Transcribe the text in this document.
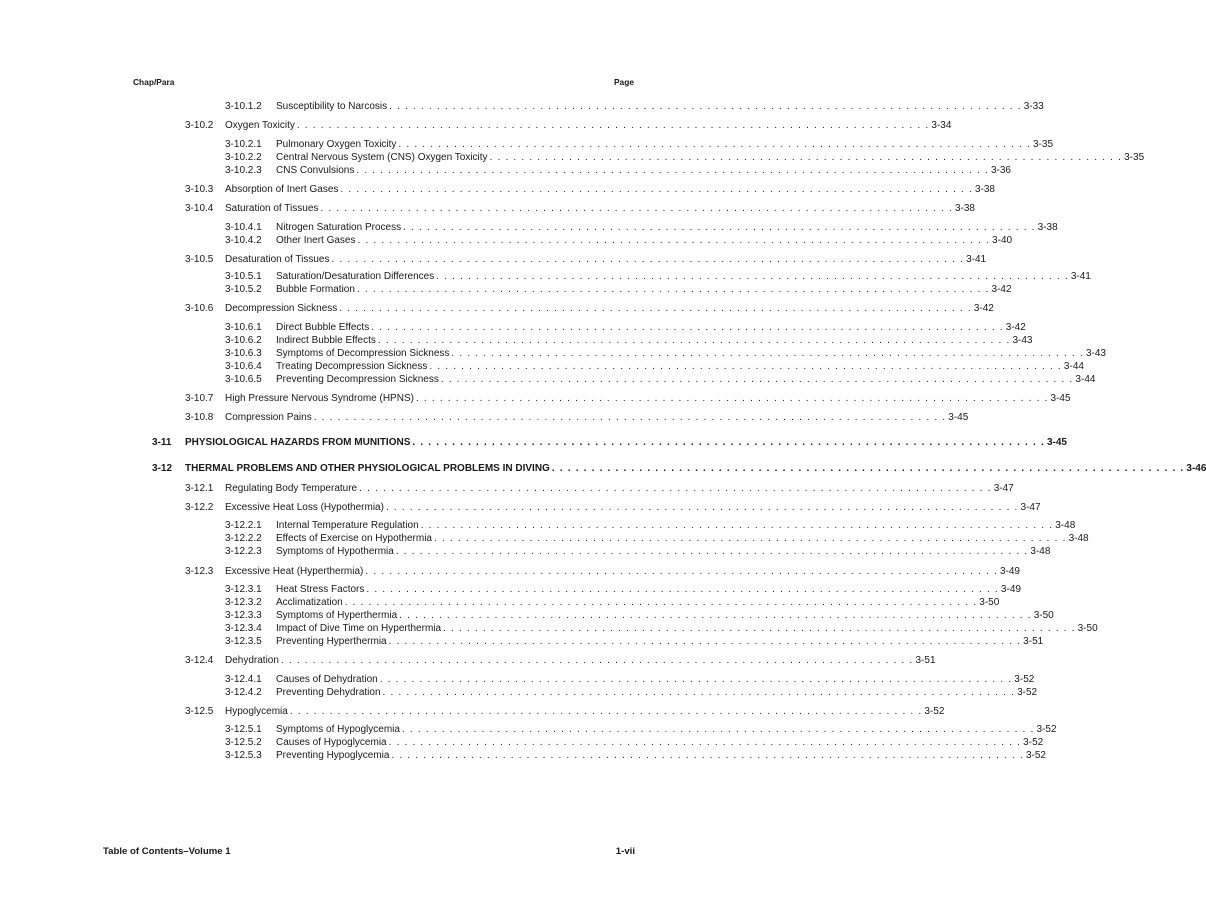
Chap/Para	Page
3-10.1.2 Susceptibility to Narcosis . . . . . . . . . . . . . . . . . . . . . . . . . . . . . . . . . . . . . . . . . . . . . . . . . . . . . . . . . . . . . . . . . . . . . . . . . . . . . . . . 3-33
3-10.2 Oxygen Toxicity . . . . . . . . . . . . . . . . . . . . . . . . . . . . . . . . . . . . . . . . . . . . . . . . . . . . . . . . . . . . . . . . . . . . . . . . . . . . . . . . 3-34
3-10.2.1 Pulmonary Oxygen Toxicity . . . . . . . . . . . . . . . . . . . . . . . . . . . . . . . . . . . . . . . . . . . . . . . . . . . . . . . . . . . . . . . . . . . . . . . . . . . . . . . . 3-35
3-10.2.2 Central Nervous System (CNS) Oxygen Toxicity . . . . . . . . . . . . . . . . . . . . . . . . . . . . . . . . . . . . . . . . . . . . . . . . . . . . . . . . . . . . . . . . . . . . . . . . . . . . . . . . 3-35
3-10.2.3 CNS Convulsions . . . . . . . . . . . . . . . . . . . . . . . . . . . . . . . . . . . . . . . . . . . . . . . . . . . . . . . . . . . . . . . . . . . . . . . . . . . . . . . . 3-36
3-10.3 Absorption of Inert Gases . . . . . . . . . . . . . . . . . . . . . . . . . . . . . . . . . . . . . . . . . . . . . . . . . . . . . . . . . . . . . . . . . . . . . . . . . . . . . . . . 3-38
3-10.4 Saturation of Tissues . . . . . . . . . . . . . . . . . . . . . . . . . . . . . . . . . . . . . . . . . . . . . . . . . . . . . . . . . . . . . . . . . . . . . . . . . . . . . . . . 3-38
3-10.4.1 Nitrogen Saturation Process . . . . . . . . . . . . . . . . . . . . . . . . . . . . . . . . . . . . . . . . . . . . . . . . . . . . . . . . . . . . . . . . . . . . . . . . . . . . . . . . 3-38
3-10.4.2 Other Inert Gases . . . . . . . . . . . . . . . . . . . . . . . . . . . . . . . . . . . . . . . . . . . . . . . . . . . . . . . . . . . . . . . . . . . . . . . . . . . . . . . . 3-40
3-10.5 Desaturation of Tissues . . . . . . . . . . . . . . . . . . . . . . . . . . . . . . . . . . . . . . . . . . . . . . . . . . . . . . . . . . . . . . . . . . . . . . . . . . . . . . . . 3-41
3-10.5.1 Saturation/Desaturation Differences . . . . . . . . . . . . . . . . . . . . . . . . . . . . . . . . . . . . . . . . . . . . . . . . . . . . . . . . . . . . . . . . . . . . . . . . . . . . . . . . 3-41
3-10.5.2 Bubble Formation . . . . . . . . . . . . . . . . . . . . . . . . . . . . . . . . . . . . . . . . . . . . . . . . . . . . . . . . . . . . . . . . . . . . . . . . . . . . . . . . 3-42
3-10.6 Decompression Sickness . . . . . . . . . . . . . . . . . . . . . . . . . . . . . . . . . . . . . . . . . . . . . . . . . . . . . . . . . . . . . . . . . . . . . . . . . . . . . . . . 3-42
3-10.6.1 Direct Bubble Effects . . . . . . . . . . . . . . . . . . . . . . . . . . . . . . . . . . . . . . . . . . . . . . . . . . . . . . . . . . . . . . . . . . . . . . . . . . . . . . . . 3-42
3-10.6.2 Indirect Bubble Effects . . . . . . . . . . . . . . . . . . . . . . . . . . . . . . . . . . . . . . . . . . . . . . . . . . . . . . . . . . . . . . . . . . . . . . . . . . . . . . . . 3-43
3-10.6.3 Symptoms of Decompression Sickness . . . . . . . . . . . . . . . . . . . . . . . . . . . . . . . . . . . . . . . . . . . . . . . . . . . . . . . . . . . . . . . . . . . . . . . . . . . . . . . . 3-43
3-10.6.4 Treating Decompression Sickness . . . . . . . . . . . . . . . . . . . . . . . . . . . . . . . . . . . . . . . . . . . . . . . . . . . . . . . . . . . . . . . . . . . . . . . . . . . . . . . . 3-44
3-10.6.5 Preventing Decompression Sickness . . . . . . . . . . . . . . . . . . . . . . . . . . . . . . . . . . . . . . . . . . . . . . . . . . . . . . . . . . . . . . . . . . . . . . . . . . . . . . . . 3-44
3-10.7 High Pressure Nervous Syndrome (HPNS) . . . . . . . . . . . . . . . . . . . . . . . . . . . . . . . . . . . . . . . . . . . . . . . . . . . . . . . . . . . . . . . . . . . . . . . . . . . . . . . . 3-45
3-10.8 Compression Pains . . . . . . . . . . . . . . . . . . . . . . . . . . . . . . . . . . . . . . . . . . . . . . . . . . . . . . . . . . . . . . . . . . . . . . . . . . . . . . . . 3-45
3-11 PHYSIOLOGICAL HAZARDS FROM MUNITIONS . . . . . . . . . . . . . . . . . . . . . . . . . . . . . . . . . . . . . . . . . . . . . . . . . . . . . . . . . . . . . . . . . . . . . . . . . . . . . . . . 3-45
3-12 THERMAL PROBLEMS AND OTHER PHYSIOLOGICAL PROBLEMS IN DIVING . . . . . . . . . . . . . . . . . . . . . . . . . . . . . . . . . . . . . . . . . . . . . . . . . . . . . . . . . . . . . . . . . . . . . . . . . . . . . . . . 3-46
3-12.1 Regulating Body Temperature . . . . . . . . . . . . . . . . . . . . . . . . . . . . . . . . . . . . . . . . . . . . . . . . . . . . . . . . . . . . . . . . . . . . . . . . . . . . . . . . 3-47
3-12.2 Excessive Heat Loss (Hypothermia) . . . . . . . . . . . . . . . . . . . . . . . . . . . . . . . . . . . . . . . . . . . . . . . . . . . . . . . . . . . . . . . . . . . . . . . . . . . . . . . . 3-47
3-12.2.1 Internal Temperature Regulation . . . . . . . . . . . . . . . . . . . . . . . . . . . . . . . . . . . . . . . . . . . . . . . . . . . . . . . . . . . . . . . . . . . . . . . . . . . . . . . . 3-48
3-12.2.2 Effects of Exercise on Hypothermia . . . . . . . . . . . . . . . . . . . . . . . . . . . . . . . . . . . . . . . . . . . . . . . . . . . . . . . . . . . . . . . . . . . . . . . . . . . . . . . . 3-48
3-12.2.3 Symptoms of Hypothermia . . . . . . . . . . . . . . . . . . . . . . . . . . . . . . . . . . . . . . . . . . . . . . . . . . . . . . . . . . . . . . . . . . . . . . . . . . . . . . . . 3-48
3-12.3 Excessive Heat (Hyperthermia) . . . . . . . . . . . . . . . . . . . . . . . . . . . . . . . . . . . . . . . . . . . . . . . . . . . . . . . . . . . . . . . . . . . . . . . . . . . . . . . . 3-49
3-12.3.1 Heat Stress Factors . . . . . . . . . . . . . . . . . . . . . . . . . . . . . . . . . . . . . . . . . . . . . . . . . . . . . . . . . . . . . . . . . . . . . . . . . . . . . . . . 3-49
3-12.3.2 Acclimatization . . . . . . . . . . . . . . . . . . . . . . . . . . . . . . . . . . . . . . . . . . . . . . . . . . . . . . . . . . . . . . . . . . . . . . . . . . . . . . . . 3-50
3-12.3.3 Symptoms of Hyperthermia . . . . . . . . . . . . . . . . . . . . . . . . . . . . . . . . . . . . . . . . . . . . . . . . . . . . . . . . . . . . . . . . . . . . . . . . . . . . . . . . 3-50
3-12.3.4 Impact of Dive Time on Hyperthermia . . . . . . . . . . . . . . . . . . . . . . . . . . . . . . . . . . . . . . . . . . . . . . . . . . . . . . . . . . . . . . . . . . . . . . . . . . . . . . . . 3-50
3-12.3.5 Preventing Hyperthermia . . . . . . . . . . . . . . . . . . . . . . . . . . . . . . . . . . . . . . . . . . . . . . . . . . . . . . . . . . . . . . . . . . . . . . . . . . . . . . . . 3-51
3-12.4 Dehydration . . . . . . . . . . . . . . . . . . . . . . . . . . . . . . . . . . . . . . . . . . . . . . . . . . . . . . . . . . . . . . . . . . . . . . . . . . . . . . . . 3-51
3-12.4.1 Causes of Dehydration . . . . . . . . . . . . . . . . . . . . . . . . . . . . . . . . . . . . . . . . . . . . . . . . . . . . . . . . . . . . . . . . . . . . . . . . . . . . . . . . 3-52
3-12.4.2 Preventing Dehydration . . . . . . . . . . . . . . . . . . . . . . . . . . . . . . . . . . . . . . . . . . . . . . . . . . . . . . . . . . . . . . . . . . . . . . . . . . . . . . . . 3-52
3-12.5 Hypoglycemia . . . . . . . . . . . . . . . . . . . . . . . . . . . . . . . . . . . . . . . . . . . . . . . . . . . . . . . . . . . . . . . . . . . . . . . . . . . . . . . . 3-52
3-12.5.1 Symptoms of Hypoglycemia . . . . . . . . . . . . . . . . . . . . . . . . . . . . . . . . . . . . . . . . . . . . . . . . . . . . . . . . . . . . . . . . . . . . . . . . . . . . . . . . 3-52
3-12.5.2 Causes of Hypoglycemia . . . . . . . . . . . . . . . . . . . . . . . . . . . . . . . . . . . . . . . . . . . . . . . . . . . . . . . . . . . . . . . . . . . . . . . . . . . . . . . . 3-52
3-12.5.3 Preventing Hypoglycemia . . . . . . . . . . . . . . . . . . . . . . . . . . . . . . . . . . . . . . . . . . . . . . . . . . . . . . . . . . . . . . . . . . . . . . . . . . . . . . . . 3-52
Table of Contents–Volume 1	1-vii
